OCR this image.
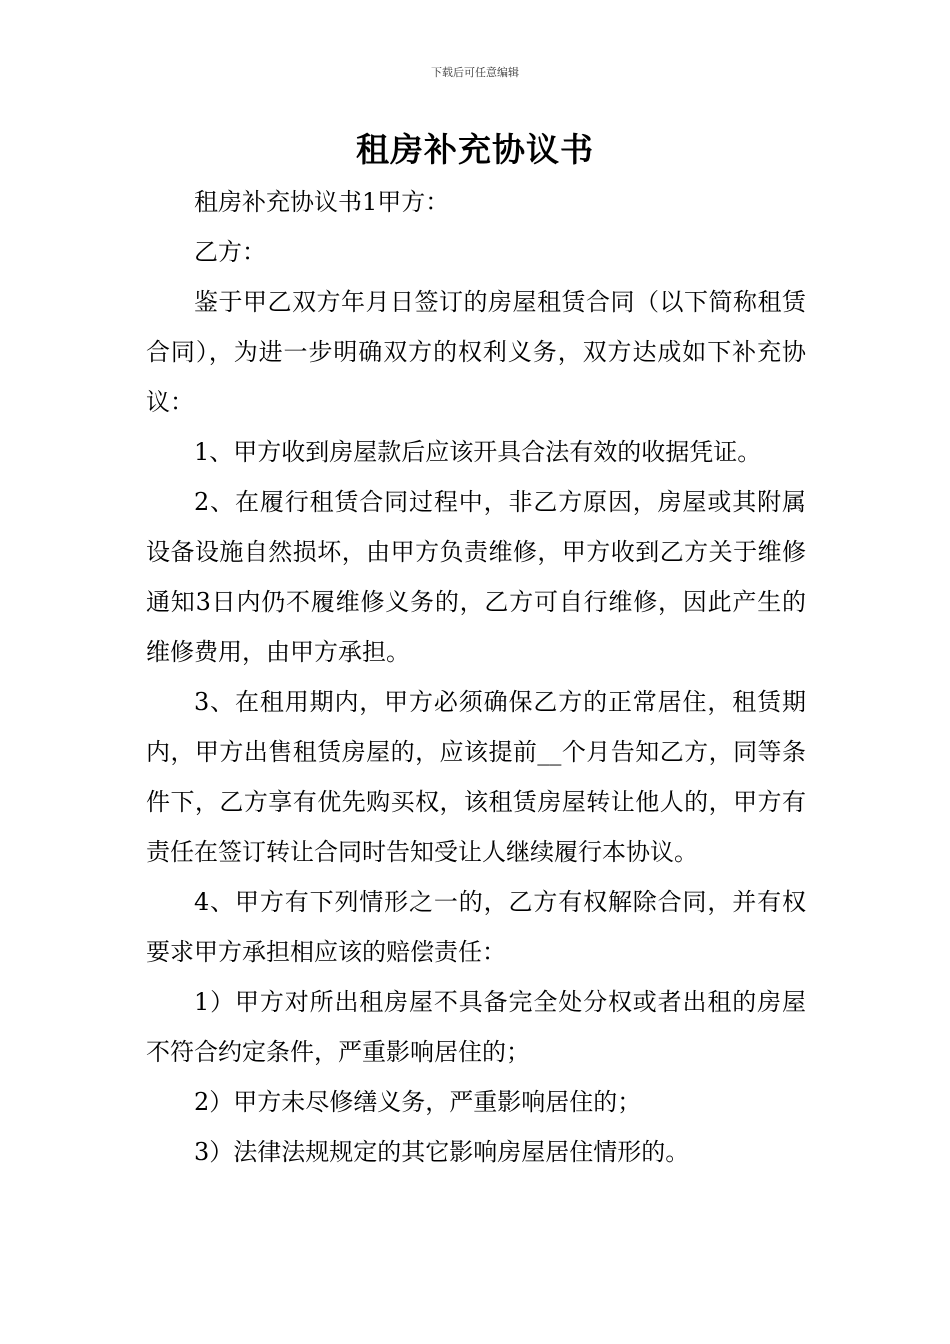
下载后可任意编辑
租房补充协议书

租房补充协议书1甲方：

乙方：

鉴于甲乙双方年月日签订的房屋租赁合同（以下简称租赁合同），为进一步明确双方的权利义务，双方达成如下补充协议：

1、甲方收到房屋款后应该开具合法有效的收据凭证。

2、在履行租赁合同过程中，非乙方原因，房屋或其附属设备设施自然损坏，由甲方负责维修，甲方收到乙方关于维修通知3日内仍不履维修义务的，乙方可自行维修，因此产生的维修费用，由甲方承担。

3、在租用期内，甲方必须确保乙方的正常居住，租赁期内，甲方出售租赁房屋的，应该提前__个月告知乙方，同等条件下，乙方享有优先购买权，该租赁房屋转让他人的，甲方有责任在签订转让合同时告知受让人继续履行本协议。

4、甲方有下列情形之一的，乙方有权解除合同，并有权要求甲方承担相应该的赔偿责任：

1）甲方对所出租房屋不具备完全处分权或者出租的房屋不符合约定条件，严重影响居住的；

2）甲方未尽修缮义务，严重影响居住的；

3）法律法规规定的其它影响房屋居住情形的。
